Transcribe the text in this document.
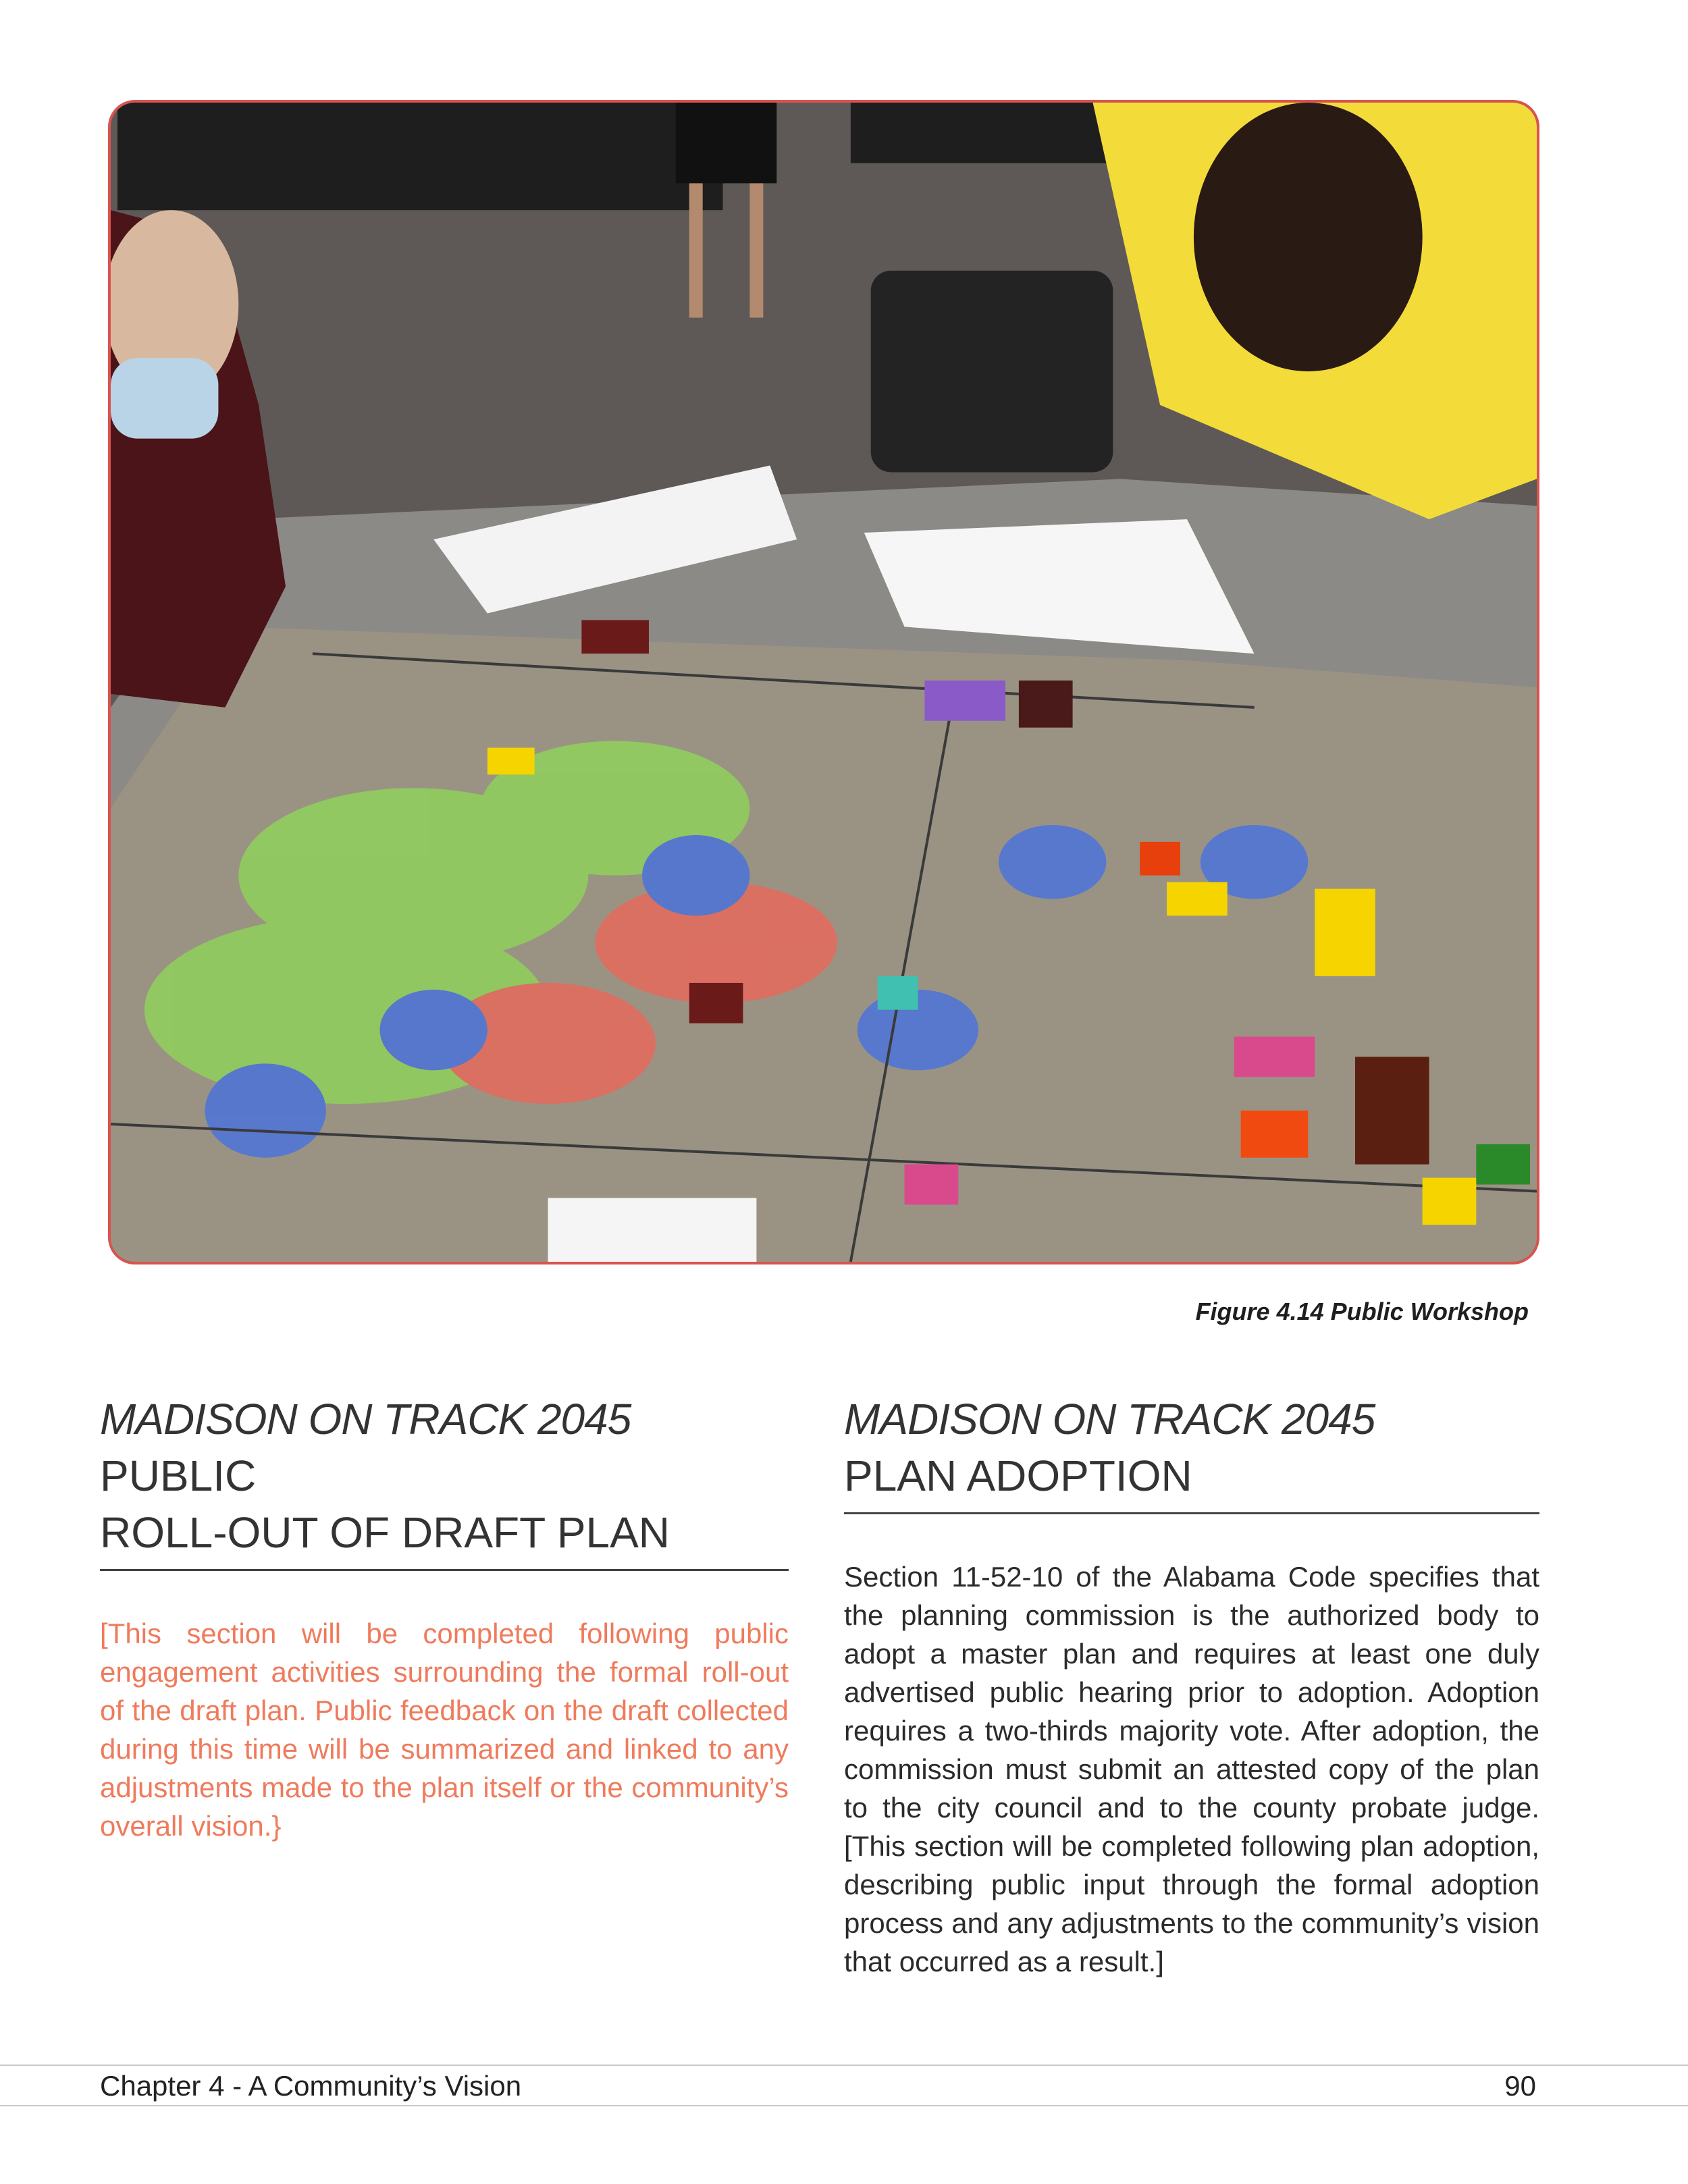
Figure 4.14 Public Workshop
MADISON ON TRACK 2045 PUBLIC
ROLL-OUT OF DRAFT PLAN
[This section will be completed following public engagement activities surrounding the formal roll-out of the draft plan. Public feedback on the draft collected during this time will be summarized and linked to any adjustments made to the plan itself or the community’s overall vision.}
MADISON ON TRACK 2045
PLAN ADOPTION
Section 11-52-10 of the Alabama Code specifies that the planning commission is the authorized body to adopt a master plan and requires at least one duly advertised public hearing prior to adoption. Adoption requires a two-thirds majority vote. After adoption, the commission must submit an attested copy of the plan to the city council and to the county probate judge. [This section will be completed following plan adoption, describing public input through the formal adoption process and any adjustments to the community’s vision that occurred as a result.]
Chapter 4 - A Community’s Vision	90
